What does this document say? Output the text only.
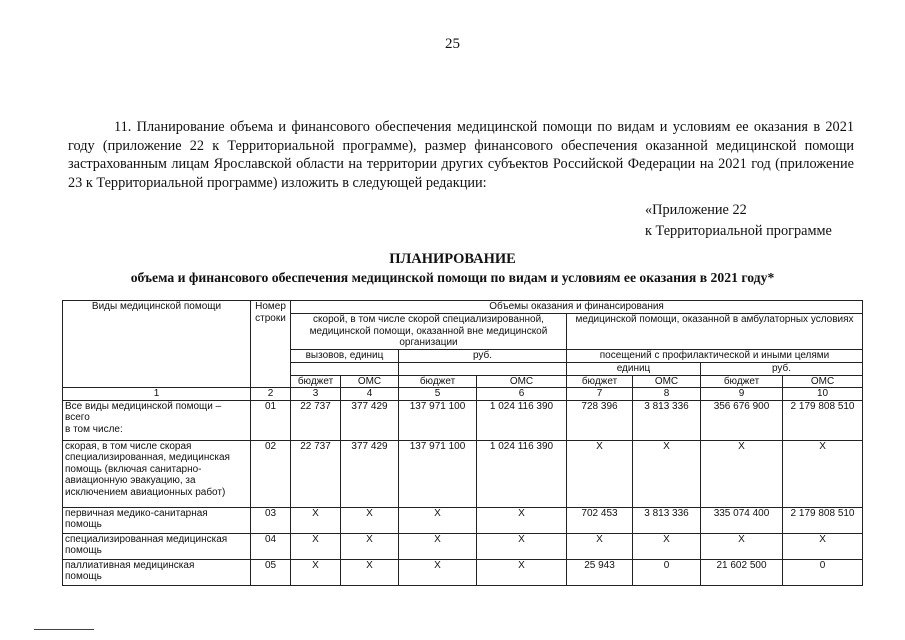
25
11. Планирование объема и финансового обеспечения медицинской помощи по видам и условиям ее оказания в 2021 году (приложение 22 к Территориальной программе), размер финансового обеспечения оказанной медицинской помощи застрахованным лицам Ярославской области на территории других субъектов Российской Федерации на 2021 год (приложение 23 к Территориальной программе) изложить в следующей редакции:
«Приложение 22
к Территориальной программе
ПЛАНИРОВАНИЕ
объема и финансового обеспечения медицинской помощи по видам и условиям ее оказания в 2021 году*
Виды медицинской помощи	Номер строки	Объемы оказания и финансирования							
		скорой, в том числе скорой специализированной, медицинской помощи, оказанной вне медицинской организации				медицинской помощи, оказанной в амбулаторных условиях			
		вызовов, единиц		руб.		посещений с профилактической и иными целями			
						единиц		руб.	
		бюджет	ОМС	бюджет	ОМС	бюджет	ОМС	бюджет	ОМС
1	2	3	4	5	6	7	8	9	10

Все виды медицинской помощи –
всего
в том числе:	01	22 737	377 429	137 971 100	1 024 116 390	728 396	3 813 336	356 676 900	2 179 808 510

скорая, в том числе скорая
специализированная, медицинская
помощь (включая санитарно-
авиационную эвакуацию, за
исключением авиационных работ)	02	22 737	377 429	137 971 100	1 024 116 390	Х	Х	Х	Х

первичная медико-санитарная
помощь	03	Х	Х	Х	Х	702 453	3 813 336	335 074 400	2 179 808 510

специализированная медицинская
помощь	04	Х	Х	Х	Х	Х	Х	Х	Х

паллиативная медицинская
помощь	05	Х	Х	Х	Х	25 943	0	21 602 500	0
